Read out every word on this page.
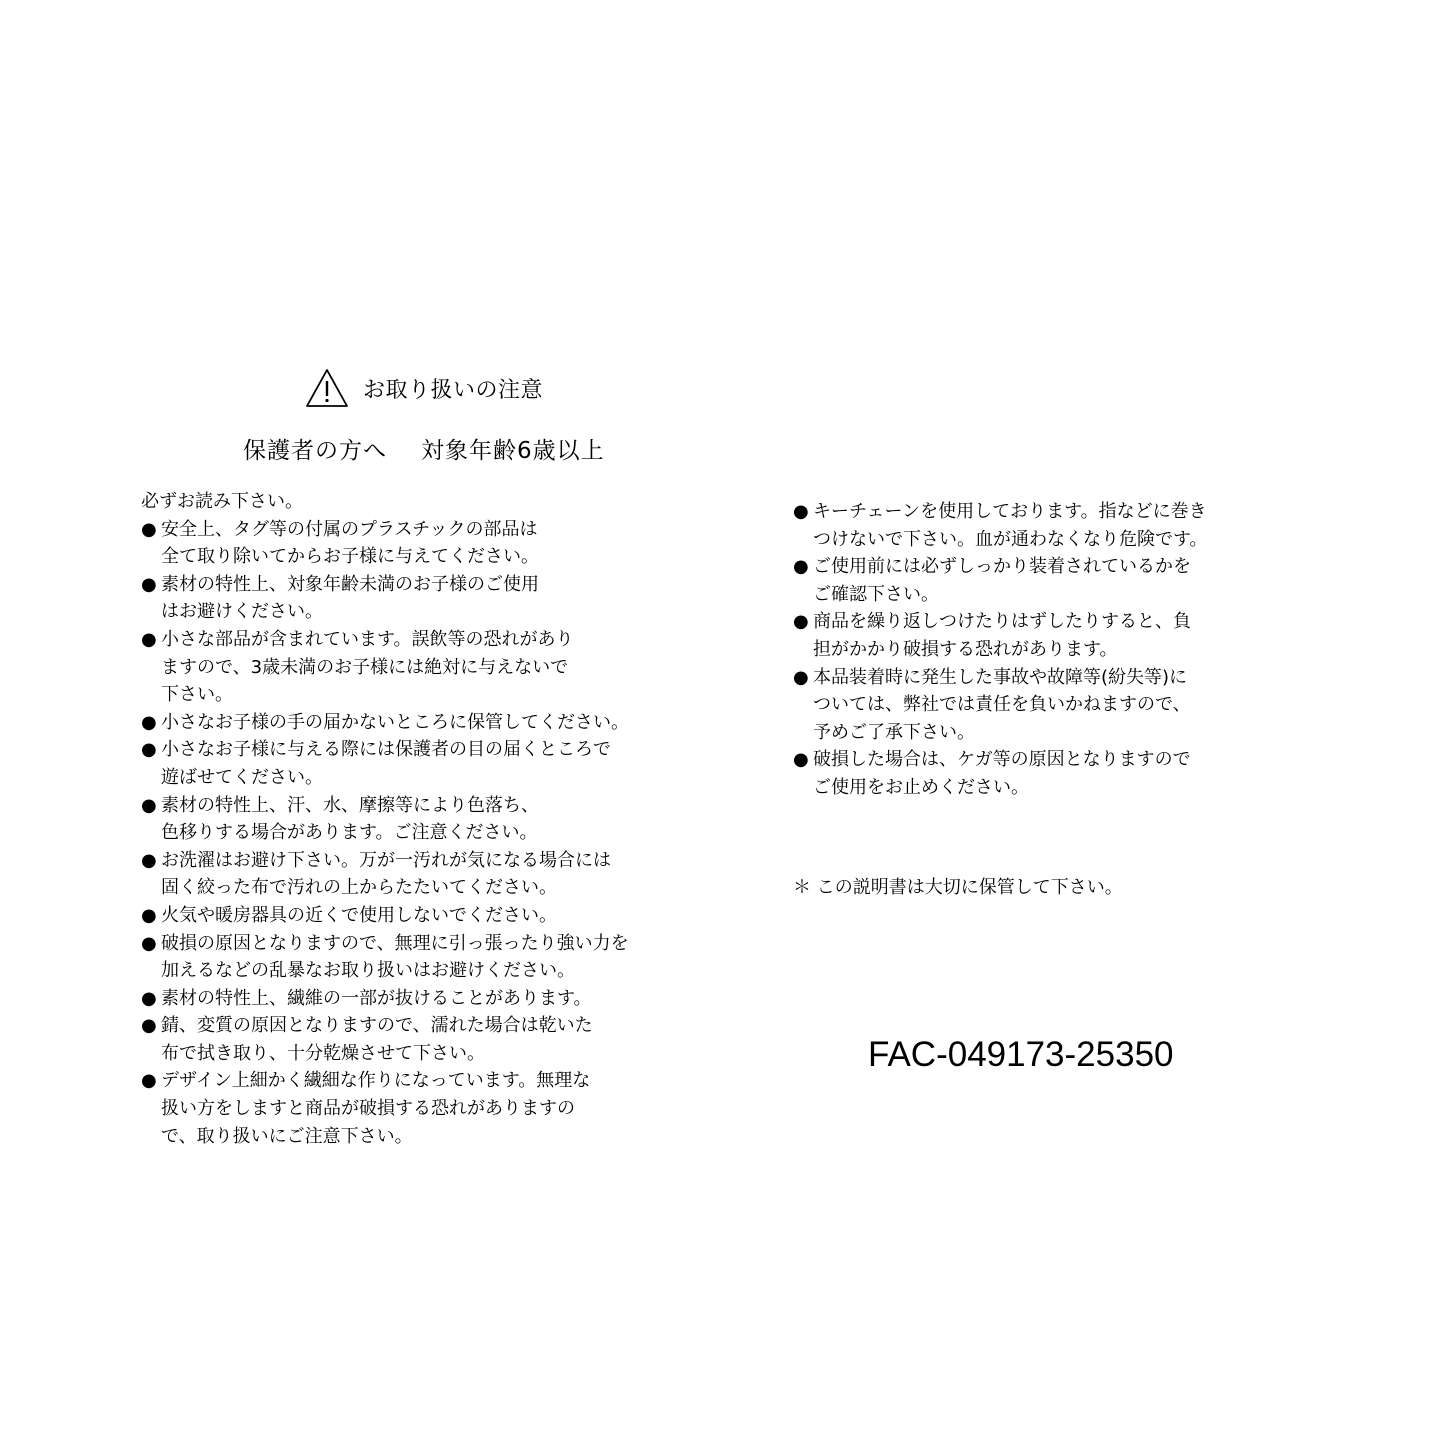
お取り扱いの注意
保護者の方へ 対象年齢6歳以上
必ずお読み下さい。
● 安全上、タグ等の付属のプラスチックの部品は
全て取り除いてからお子様に与えてください。
● 素材の特性上、対象年齢未満のお子様のご使用
はお避けください。
● 小さな部品が含まれています。誤飲等の恐れがあり
ますので、3歳未満のお子様には絶対に与えないで
下さい。
● 小さなお子様の手の届かないところに保管してください。
● 小さなお子様に与える際には保護者の目の届くところで
遊ばせてください。
● 素材の特性上、汗、水、摩擦等により色落ち、
色移りする場合があります。ご注意ください。
● お洗濯はお避け下さい。万が一汚れが気になる場合には
固く絞った布で汚れの上からたたいてください。
● 火気や暖房器具の近くで使用しないでください。
● 破損の原因となりますので、無理に引っ張ったり強い力を
加えるなどの乱暴なお取り扱いはお避けください。
● 素材の特性上、繊維の一部が抜けることがあります。
● 錆、変質の原因となりますので、濡れた場合は乾いた
布で拭き取り、十分乾燥させて下さい。
● デザイン上細かく繊細な作りになっています。無理な
扱い方をしますと商品が破損する恐れがありますの
で、取り扱いにご注意下さい。
● キーチェーンを使用しております。指などに巻き
つけないで下さい。血が通わなくなり危険です。
● ご使用前には必ずしっかり装着されているかを
ご確認下さい。
● 商品を繰り返しつけたりはずしたりすると、負
担がかかり破損する恐れがあります。
● 本品装着時に発生した事故や故障等(紛失等)に
ついては、弊社では責任を負いかねますので、
予めご了承下さい。
● 破損した場合は、ケガ等の原因となりますので
ご使用をお止めください。
＊ この説明書は大切に保管して下さい。
FAC-049173-25350
